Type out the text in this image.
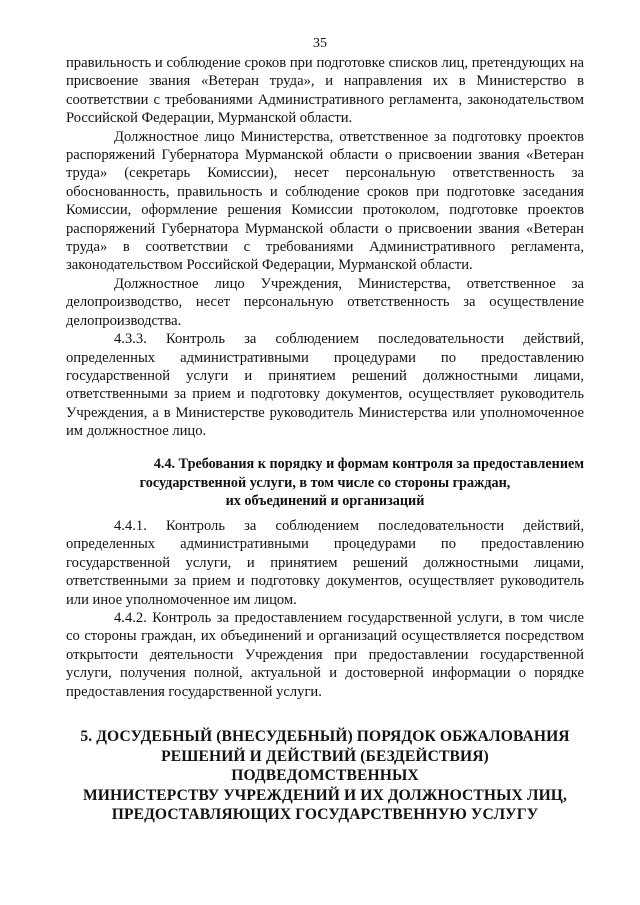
35

правильность и соблюдение сроков при подготовке списков лиц, претендующих на присвоение звания «Ветеран труда», и направления их в Министерство в соответствии с требованиями Административного регламента, законодательством Российской Федерации, Мурманской области.

Должностное лицо Министерства, ответственное за подготовку проектов распоряжений Губернатора Мурманской области о присвоении звания «Ветеран труда» (секретарь Комиссии), несет персональную ответственность за обоснованность, правильность и соблюдение сроков при подготовке заседания Комиссии, оформление решения Комиссии протоколом, подготовке проектов распоряжений Губернатора Мурманской области о присвоении звания «Ветеран труда» в соответствии с требованиями Административного регламента, законодательством Российской Федерации, Мурманской области.

Должностное лицо Учреждения, Министерства, ответственное за делопроизводство, несет персональную ответственность за осуществление делопроизводства.

4.3.3. Контроль за соблюдением последовательности действий, определенных административными процедурами по предоставлению государственной услуги и принятием решений должностными лицами, ответственными за прием и подготовку документов, осуществляет руководитель Учреждения, а в Министерстве руководитель Министерства или уполномоченное им должностное лицо.

4.4. Требования к порядку и формам контроля за предоставлением
государственной услуги, в том числе со стороны граждан,
их объединений и организаций

4.4.1. Контроль за соблюдением последовательности действий, определенных административными процедурами по предоставлению государственной услуги, и принятием решений должностными лицами, ответственными за прием и подготовку документов, осуществляет руководитель или иное уполномоченное им лицом.

4.4.2. Контроль за предоставлением государственной услуги, в том числе со стороны граждан, их объединений и организаций осуществляется посредством открытости деятельности Учреждения при предоставлении государственной услуги, получения полной, актуальной и достоверной информации о порядке предоставления государственной услуги.

5. ДОСУДЕБНЫЙ (ВНЕСУДЕБНЫЙ) ПОРЯДОК ОБЖАЛОВАНИЯ
РЕШЕНИЙ И ДЕЙСТВИЙ (БЕЗДЕЙСТВИЯ) ПОДВЕДОМСТВЕННЫХ
МИНИСТЕРСТВУ УЧРЕЖДЕНИЙ И ИХ ДОЛЖНОСТНЫХ ЛИЦ,
ПРЕДОСТАВЛЯЮЩИХ ГОСУДАРСТВЕННУЮ УСЛУГУ
